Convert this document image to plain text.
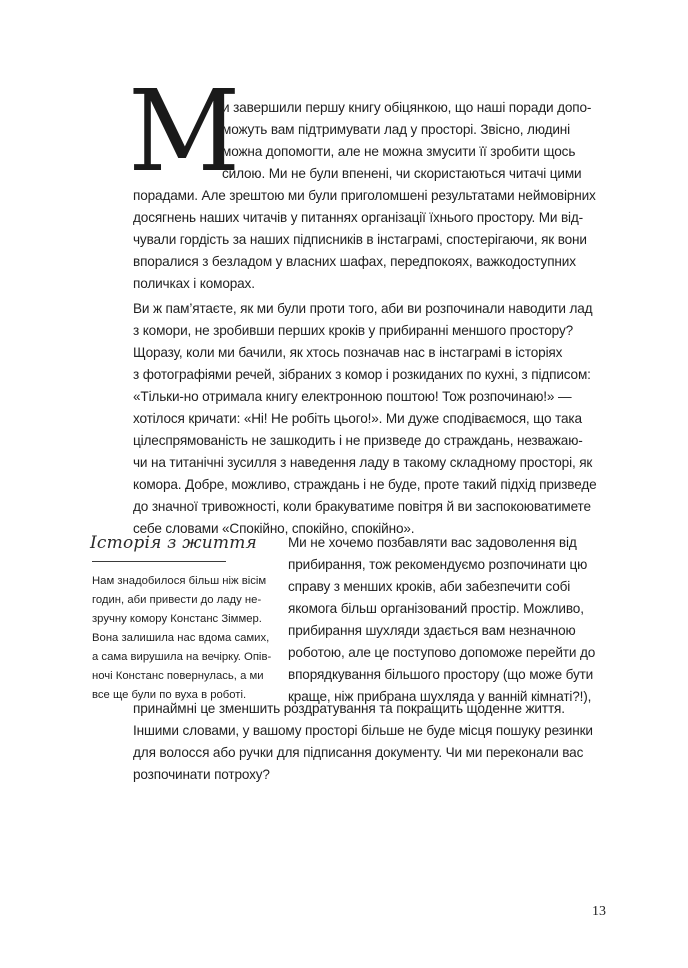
М
и завершили першу книгу обіцянкою, що наші поради допо-
можуть вам підтримувати лад у просторі. Звісно, людині
можна допомогти, але не можна змусити її зробити щось
силою. Ми не були впенені, чи скористаються читачі цими
порадами. Але зрештою ми були приголомшені результатами неймовірних
досягнень наших читачів у питаннях організації їхнього простору. Ми від-
чували гордість за наших підписників в інстаграмі, спостерігаючи, як вони
впоралися з безладом у власних шафах, передпокоях, важкодоступних
поличках і коморах.
Ви ж пам’ятаєте, як ми були проти того, аби ви розпочинали наводити лад
з комори, не зробивши перших кроків у прибиранні меншого простору?
Щоразу, коли ми бачили, як хтось позначав нас в інстаграмі в історіях
з фотографіями речей, зібраних з комор і розкиданих по кухні, з підписом:
«Тільки-но отримала книгу електронною поштою! Тож розпочинаю!» —
хотілося кричати: «Ні! Не робіть цього!». Ми дуже сподіваємося, що така
цілеспрямованість не зашкодить і не призведе до страждань, незважаю-
чи на титанічні зусилля з наведення ладу в такому складному просторі, як
комора. Добре, можливо, страждань і не буде, проте такий підхід призведе
до значної тривожності, коли бракуватиме повітря й ви заспокоюватимете
себе словами «Спокійно, спокійно, спокійно».
Історія з життя
Нам знадобилося більш ніж вісім
годин, аби привести до ладу не-
зручну комору Констанс Зіммер.
Вона залишила нас вдома самих,
а сама вирушила на вечірку. Опів-
ночі Констанс повернулась, а ми
все ще були по вуха в роботі.
Ми не хочемо позбавляти вас задоволення від
прибирання, тож рекомендуємо розпочинати цю
справу з менших кроків, аби забезпечити собі
якомога більш організований простір. Можливо,
прибирання шухляди здається вам незначною
роботою, але це поступово допоможе перейти до
впорядкування більшого простору (що може бути
краще, ніж прибрана шухляда у ванній кімнаті?!),
принаймні це зменшить роздратування та покращить щоденне життя.
Іншими словами, у вашому просторі більше не буде місця пошуку резинки
для волосся або ручки для підписання документу. Чи ми переконали вас
розпочинати потроху?
13
